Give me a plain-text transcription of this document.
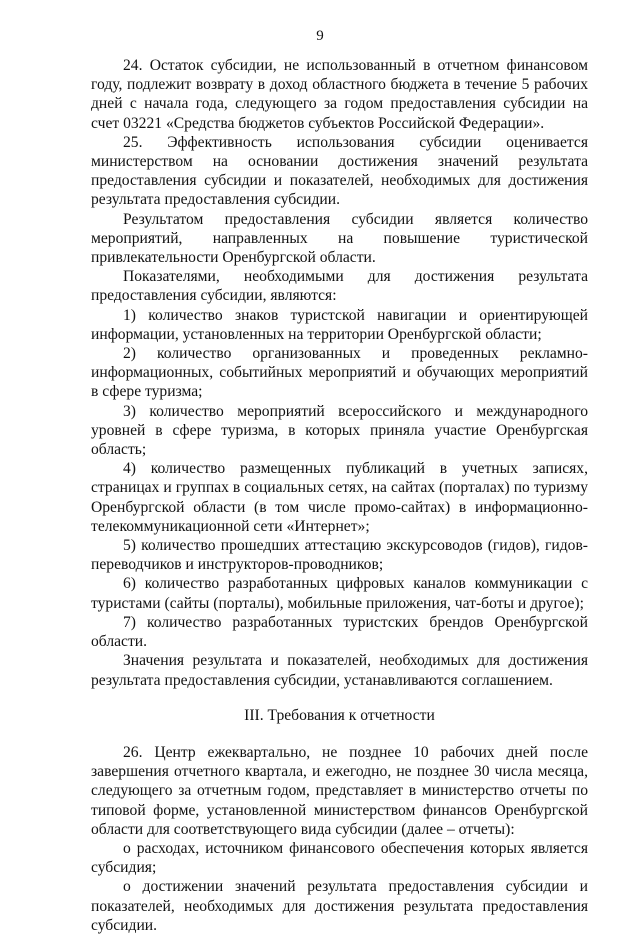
9

24. Остаток субсидии, не использованный в отчетном финансовом году, подлежит возврату в доход областного бюджета в течение 5 рабочих дней с начала года, следующего за годом предоставления субсидии на счет 03221 «Средства бюджетов субъектов Российской Федерации».

25. Эффективность использования субсидии оценивается министерством на основании достижения значений результата предоставления субсидии и показателей, необходимых для достижения результата предоставления субсидии.

Результатом предоставления субсидии является количество мероприятий, направленных на повышение туристической привлекательности Оренбургской области.

Показателями, необходимыми для достижения результата предоставления субсидии, являются:

1) количество знаков туристской навигации и ориентирующей информации, установленных на территории Оренбургской области;

2) количество организованных и проведенных рекламно-информационных, событийных мероприятий и обучающих мероприятий в сфере туризма;

3) количество мероприятий всероссийского и международного уровней в сфере туризма, в которых приняла участие Оренбургская область;

4) количество размещенных публикаций в учетных записях, страницах и группах в социальных сетях, на сайтах (порталах) по туризму Оренбургской области (в том числе промо-сайтах) в информационно-телекоммуникационной сети «Интернет»;

5) количество прошедших аттестацию экскурсоводов (гидов), гидов-переводчиков и инструкторов-проводников;

6) количество разработанных цифровых каналов коммуникации с туристами (сайты (порталы), мобильные приложения, чат-боты и другое);

7) количество разработанных туристских брендов Оренбургской области.

Значения результата и показателей, необходимых для достижения результата предоставления субсидии, устанавливаются соглашением.

III. Требования к отчетности

26. Центр ежеквартально, не позднее 10 рабочих дней после завершения отчетного квартала, и ежегодно, не позднее 30 числа месяца, следующего за отчетным годом, представляет в министерство отчеты по типовой форме, установленной министерством финансов Оренбургской области для соответствующего вида субсидии (далее – отчеты):

о расходах, источником финансового обеспечения которых является субсидия;

о достижении значений результата предоставления субсидии и показателей, необходимых для достижения результата предоставления субсидии.
